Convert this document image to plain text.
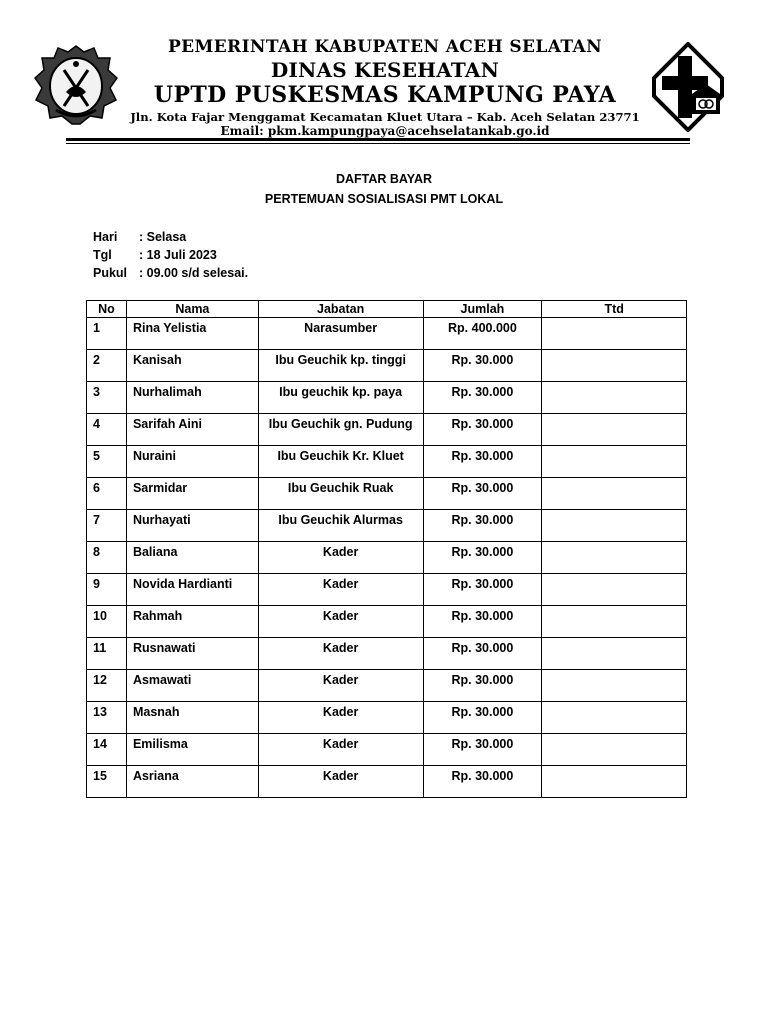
PEMERINTAH KABUPATEN ACEH SELATAN
DINAS KESEHATAN
UPTD PUSKESMAS KAMPUNG PAYA
Jln. Kota Fajar Menggamat Kecamatan Kluet Utara – Kab. Aceh Selatan 23771
Email: pkm.kampungpaya@acehselatankab.go.id
DAFTAR BAYAR
PERTEMUAN SOSIALISASI PMT LOKAL
Hari	: Selasa
Tgl	: 18 Juli 2023
Pukul : 09.00 s/d selesai.
No	Nama	Jabatan	Jumlah	Ttd
1	Rina Yelistia	Narasumber	Rp. 400.000	
2	Kanisah	Ibu Geuchik kp. tinggi	Rp. 30.000	
3	Nurhalimah	Ibu geuchik kp. paya	Rp. 30.000	
4	Sarifah Aini	Ibu Geuchik gn. Pudung	Rp. 30.000	
5	Nuraini	Ibu Geuchik Kr. Kluet	Rp. 30.000	
6	Sarmidar	Ibu Geuchik Ruak	Rp. 30.000	
7	Nurhayati	Ibu Geuchik Alurmas	Rp. 30.000	
8	Baliana	Kader	Rp. 30.000	
9	Novida Hardianti	Kader	Rp. 30.000	
10	Rahmah	Kader	Rp. 30.000	
11	Rusnawati	Kader	Rp. 30.000	
12	Asmawati	Kader	Rp. 30.000	
13	Masnah	Kader	Rp. 30.000	
14	Emilisma	Kader	Rp. 30.000	
15	Asriana	Kader	Rp. 30.000	
